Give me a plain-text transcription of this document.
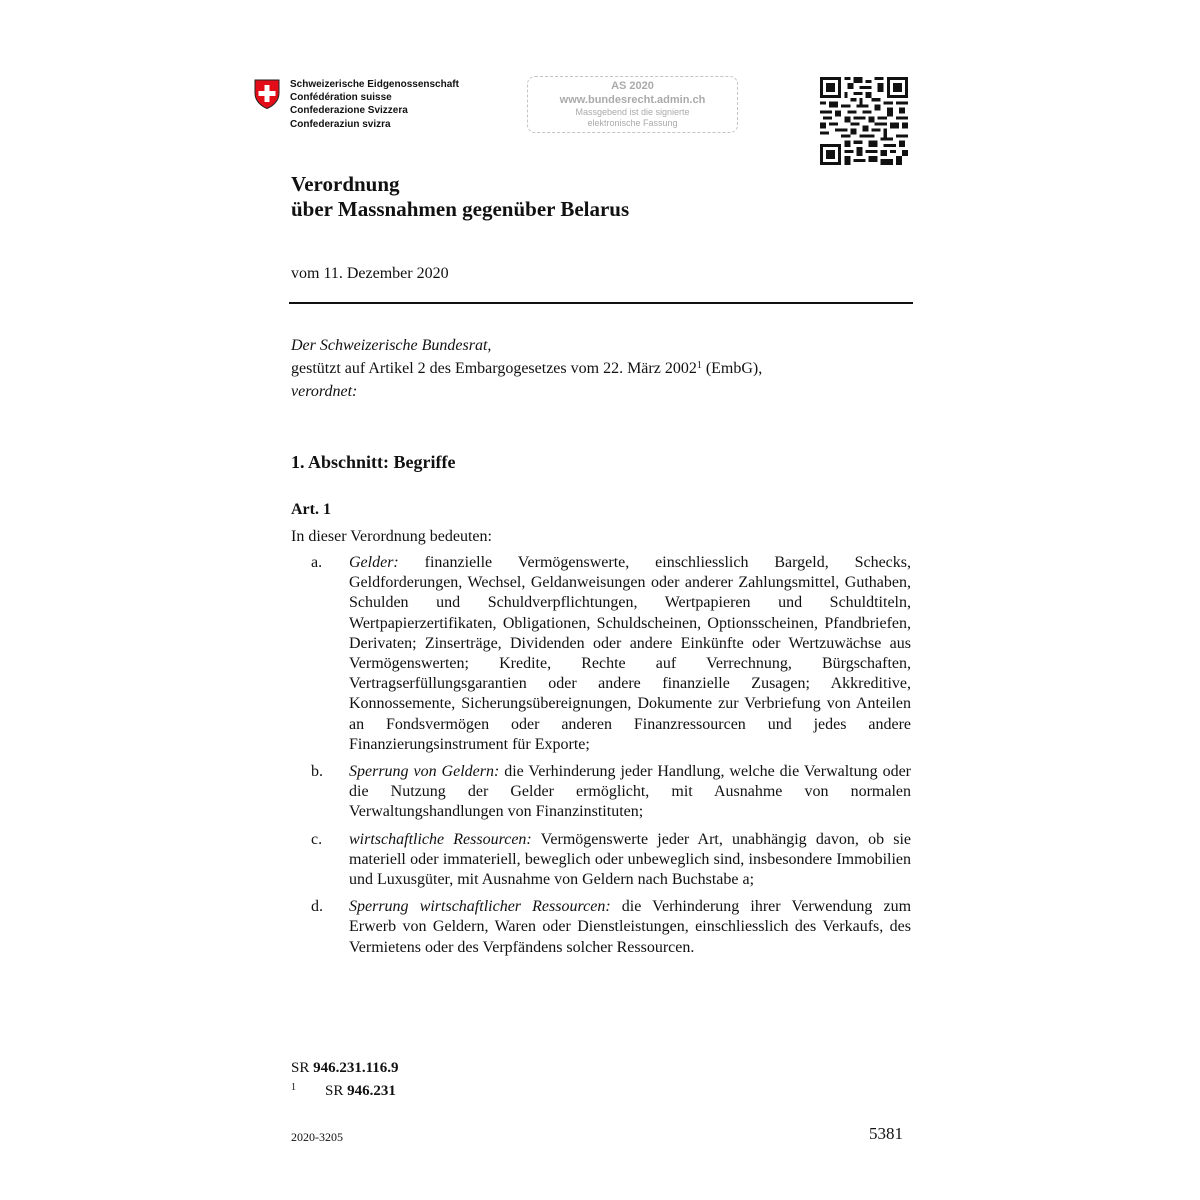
Schweizerische Eidgenossenschaft
Confédération suisse
Confederazione Svizzera
Confederaziun svizra
AS 2020
www.bundesrecht.admin.ch
Massgebend ist die signierte
elektronische Fassung
Verordnung
über Massnahmen gegenüber Belarus
vom 11. Dezember 2020
Der Schweizerische Bundesrat,
gestützt auf Artikel 2 des Embargogesetzes vom 22. März 2002$^1$ (EmbG),
verordnet:
1. Abschnitt: Begriffe
Art. 1
In dieser Verordnung bedeuten:
a.	Gelder: finanzielle Vermögenswerte, einschliesslich Bargeld, Schecks, Geldforderungen, Wechsel, Geldanweisungen oder anderer Zahlungsmittel, Guthaben, Schulden und Schuldverpflichtungen, Wertpapieren und Schuldtiteln, Wertpapierzertifikaten, Obligationen, Schuldscheinen, Optionsscheinen, Pfandbriefen, Derivaten; Zinserträge, Dividenden oder andere Einkünfte oder Wertzuwächse aus Vermögenswerten; Kredite, Rechte auf Verrechnung, Bürgschaften, Vertragserfüllungsgarantien oder andere finanzielle Zusagen; Akkreditive, Konnossemente, Sicherungsübereignungen, Dokumente zur Verbriefung von Anteilen an Fondsvermögen oder anderen Finanzressourcen und jedes andere Finanzierungsinstrument für Exporte;
b.	Sperrung von Geldern: die Verhinderung jeder Handlung, welche die Verwaltung oder die Nutzung der Gelder ermöglicht, mit Ausnahme von normalen Verwaltungshandlungen von Finanzinstituten;
c.	wirtschaftliche Ressourcen: Vermögenswerte jeder Art, unabhängig davon, ob sie materiell oder immateriell, beweglich oder unbeweglich sind, insbesondere Immobilien und Luxusgüter, mit Ausnahme von Geldern nach Buchstabe a;
d.	Sperrung wirtschaftlicher Ressourcen: die Verhinderung ihrer Verwendung zum Erwerb von Geldern, Waren oder Dienstleistungen, einschliesslich des Verkaufs, des Vermietens oder des Verpfändens solcher Ressourcen.
SR 946.231.116.9
1 SR 946.231
2020-3205	5381
